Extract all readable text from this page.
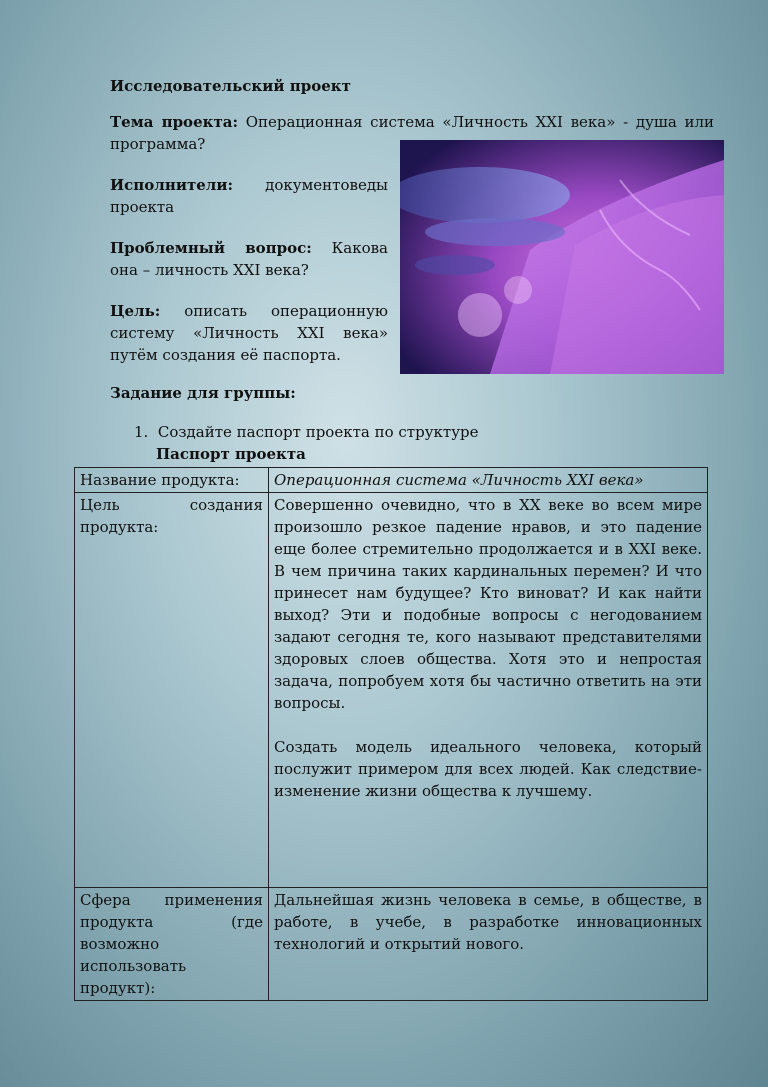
Исследовательский проект

Тема проекта: Операционная система «Личность XXI века» - душа или программа?

Исполнители: документоведы проекта

Проблемный вопрос: Какова она – личность XXI века?

Цель: описать операционную систему «Личность XXI века» путём создания её паспорта.

Задание для группы:

1. Создайте паспорт проекта по структуре

Паспорт проекта

Название продукта:	Операционная система «Личность XXI века»
Цель создания продукта:	Совершенно очевидно, что в XX веке во всем мире произошло резкое падение нравов, и это падение еще более стремительно продолжается и в XXI веке. В чем причина таких кардинальных перемен? И что принесет нам будущее? Кто виноват? И как найти выход? Эти и подобные вопросы с негодованием задают сегодня те, кого называют представителями здоровых слоев общества. Хотя это и непростая задача, попробуем хотя бы частично ответить на эти вопросы.
Создать модель идеального человека, который послужит примером для всех людей. Как следствие- изменение жизни общества к лучшему.

Сфера применения продукта (где возможно использовать продукт):	Дальнейшая жизнь человека в семье, в обществе, в работе, в учебе, в разработке инновационных технологий и открытий нового.
